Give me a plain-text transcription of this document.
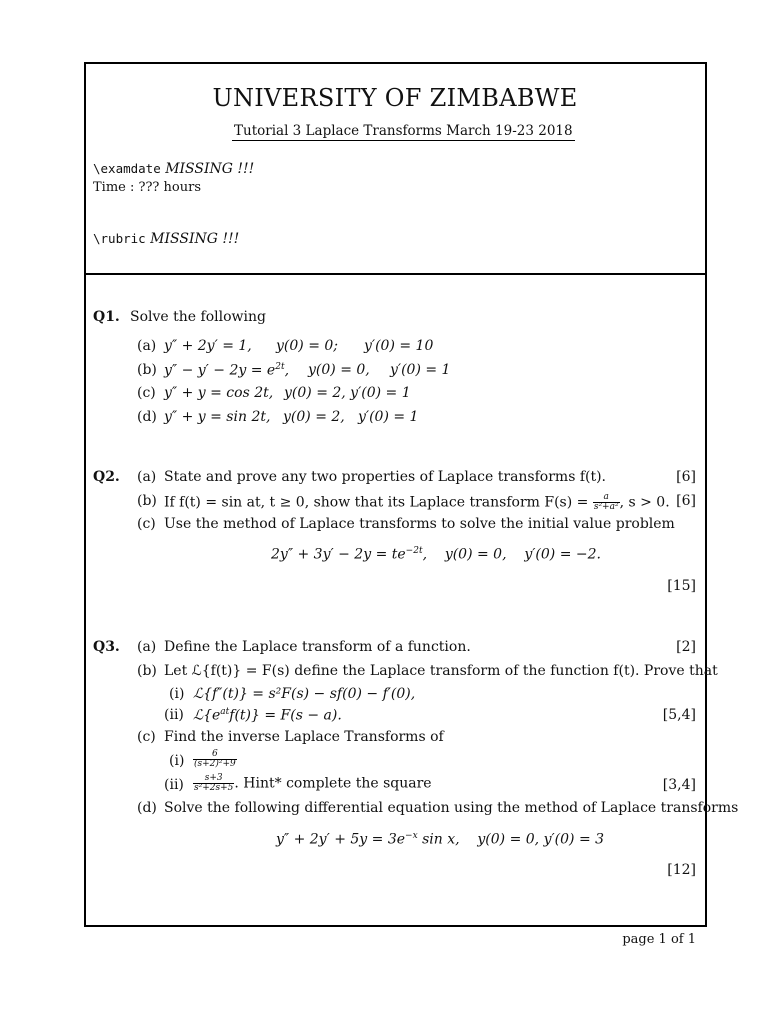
UNIVERSITY OF ZIMBABWE
Tutorial 3 Laplace Transforms March 19-23 2018
\examdate MISSING !!!
Time : ??? hours
\rubric MISSING !!!
Q1. Solve the following
(a) y″ + 2y′ = 1, y(0) = 0; y′(0) = 10
(b) $y'' - y' - 2y = e^{2t}$, y(0) = 0, y′(0) = 1
(c) y″ + y = cos 2t, y(0) = 2, y′(0) = 1
(d) y″ + y = sin 2t, y(0) = 2, y′(0) = 1
Q2. (a) State and prove any two properties of Laplace transforms f(t).	[6]
(b) If f(t) = sin at, t ≥ 0, show that its Laplace transform $F(s) = \frac{a}{\text{s²+a²}}$ , s > 0. [6]
(c) Use the method of Laplace transforms to solve the initial value problem
$2y'' + 3y' - 2y = te^{-2t}$,    y(0) = 0,    y′(0) = −2.
[15]
Q3. (a) Define the Laplace transform of a function.	[2]
(b) Let ℒ{f(t)} = F(s) define the Laplace transform of the function f(t). Prove that
(i) ℒ{f″(t)} = s²F(s) − sf(0) − f′(0),
(ii) $ℒ\{e^{at}f(t)\} = F(s - a)$.	[5,4]
(c) Find the inverse Laplace Transforms of
$(i) \frac{6}{\text{(s+2)²+9}}$
$(ii) \frac{s+3}{\text{s²+2s+5}}$ . Hint* complete the square	[3,4]
(d) Solve the following differential equation using the method of Laplace transforms
$y'' + 2y' + 5y = 3e^{-x}$ sin x,    y(0) = 0, y′(0) = 3
[12]
page 1 of 1
